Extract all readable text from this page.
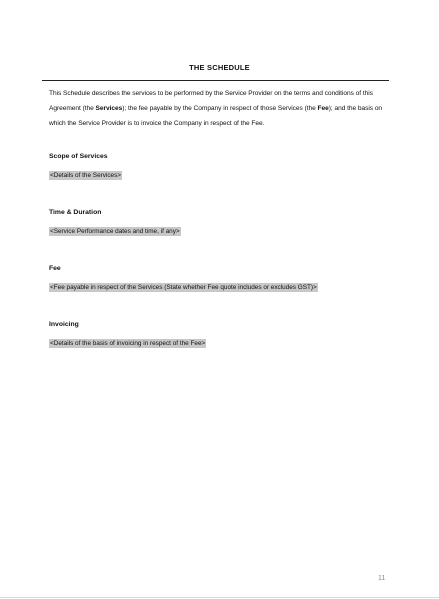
THE SCHEDULE
This Schedule describes the services to be performed by the Service Provider on the terms and conditions of this Agreement (the Services); the fee payable by the Company in respect of those Services (the Fee); and the basis on which the Service Provider is to invoice the Company in respect of the Fee.
Scope of Services
<Details of the Services>
Time & Duration
<Service Performance dates and time, if any>
Fee
<Fee payable in respect of the Services (State whether Fee quote includes or excludes GST)>
Invoicing
<Details of the basis of invoicing in respect of the Fee>
11
